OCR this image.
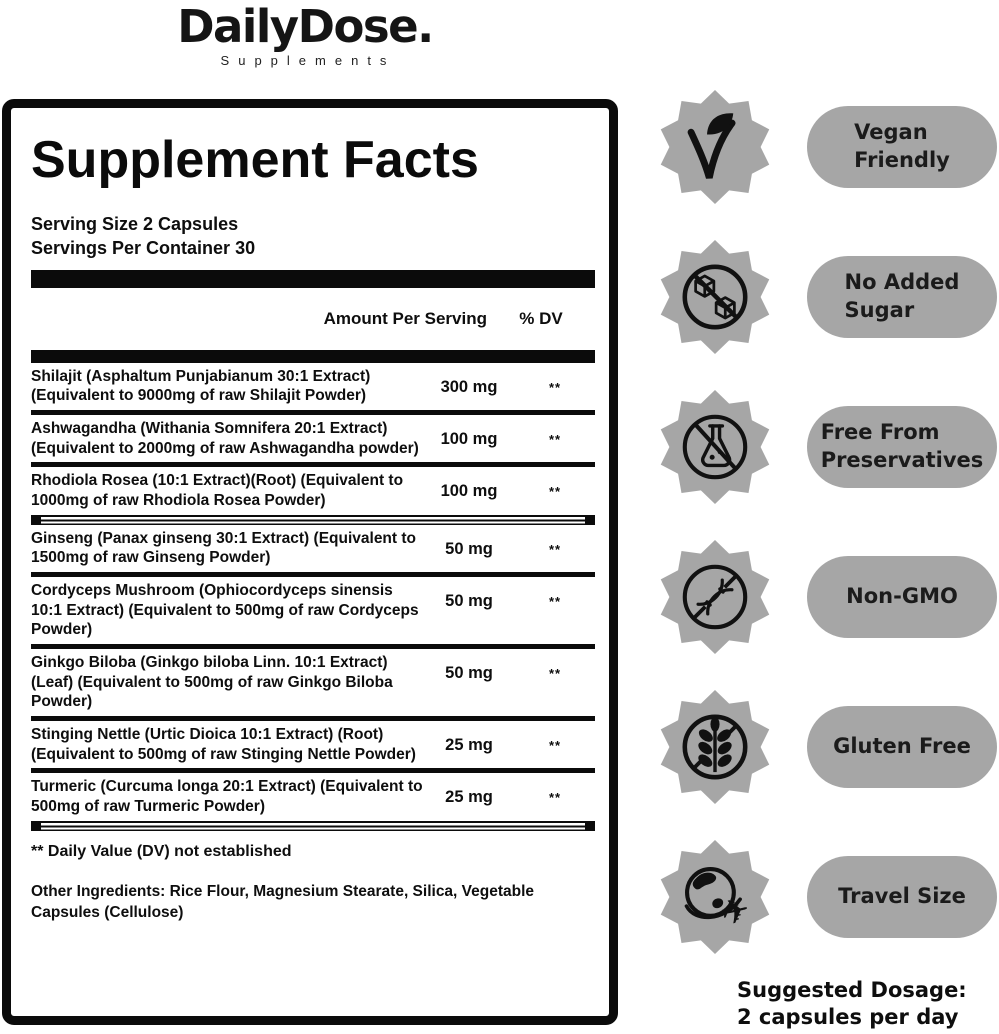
DailyDose.
Supplements
Supplement Facts
Serving Size 2 Capsules
Servings Per Container 30
Amount Per Serving	% DV
Shilajit (Asphaltum Punjabianum 30:1 Extract) (Equivalent to 9000mg of raw Shilajit Powder)
300 mg	**
Ashwagandha (Withania Somnifera 20:1 Extract) (Equivalent to 2000mg of raw Ashwagandha powder)
100 mg	**
Rhodiola Rosea (10:1 Extract)(Root) (Equivalent to 1000mg of raw Rhodiola Rosea Powder)
100 mg	**
Ginseng (Panax ginseng 30:1 Extract) (Equivalent to 1500mg of raw Ginseng Powder)
50 mg	**
Cordyceps Mushroom (Ophiocordyceps sinensis 10:1 Extract) (Equivalent to 500mg of raw Cordyceps Powder)
50 mg	**
Ginkgo Biloba (Ginkgo biloba Linn. 10:1 Extract) (Leaf) (Equivalent to 500mg of raw Ginkgo Biloba Powder)
50 mg	**
Stinging Nettle (Urtic Dioica 10:1 Extract) (Root) (Equivalent to 500mg of raw Stinging Nettle Powder)
25 mg	**
Turmeric (Curcuma longa 20:1 Extract) (Equivalent to 500mg of raw Turmeric Powder)
25 mg	**
** Daily Value (DV) not established
Other Ingredients: Rice Flour, Magnesium Stearate, Silica, Vegetable Capsules (Cellulose)
Vegan
Friendly
No Added
Sugar
Free From
Preservatives
Non-GMO
Gluten Free
✈	Travel Size
Suggested Dosage:
2 capsules per day
